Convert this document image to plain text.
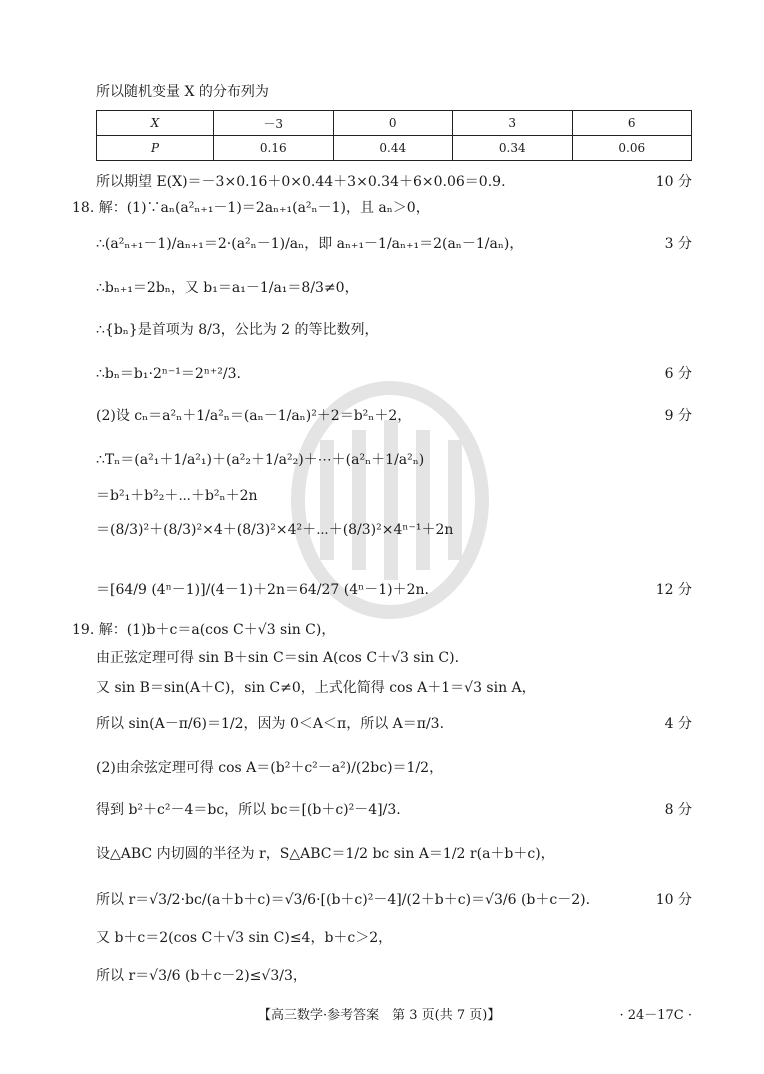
所以随机变量 X 的分布列为
X	－3	0	3	6
P	0.16	0.44	0.34	0.06
所以期望 E(X)＝－3×0.16＋0×0.44＋3×0.34＋6×0.06＝0.9.	10 分
18. 解：(1)∵aₙ(a²ₙ₊₁－1)＝2aₙ₊₁(a²ₙ－1)，且 aₙ＞0，
∴(a²ₙ₊₁－1)/aₙ₊₁＝2·(a²ₙ－1)/aₙ，即 aₙ₊₁－1/aₙ₊₁＝2(aₙ－1/aₙ)，	3 分
∴bₙ₊₁＝2bₙ，又 b₁＝a₁－1/a₁＝8/3≠0，
∴{bₙ}是首项为 8/3，公比为 2 的等比数列，
∴bₙ＝b₁·2ⁿ⁻¹＝2ⁿ⁺²/3.	6 分
(2)设 cₙ＝a²ₙ＋1/a²ₙ＝(aₙ－1/aₙ)²＋2＝b²ₙ＋2，	9 分
∴Tₙ＝(a²₁＋1/a²₁)＋(a²₂＋1/a²₂)＋⋯＋(a²ₙ＋1/a²ₙ)
＝b²₁＋b²₂＋⋯＋b²ₙ＋2n
＝(8/3)²＋(8/3)²×4＋(8/3)²×4²＋⋯＋(8/3)²×4ⁿ⁻¹＋2n
＝[64/9 (4ⁿ－1)]/(4－1)＋2n＝64/27 (4ⁿ－1)＋2n.	12 分
19. 解：(1)b＋c＝a(cos C＋√3 sin C)，
由正弦定理可得 sin B＋sin C＝sin A(cos C＋√3 sin C).
又 sin B＝sin(A＋C)，sin C≠0，上式化简得 cos A＋1＝√3 sin A，
所以 sin(A－π/6)＝1/2，因为 0＜A＜π，所以 A＝π/3.	4 分
(2)由余弦定理可得 cos A＝(b²＋c²－a²)/(2bc)＝1/2，
得到 b²＋c²－4＝bc，所以 bc＝[(b＋c)²－4]/3.	8 分
设△ABC 内切圆的半径为 r，S△ABC＝1/2 bc sin A＝1/2 r(a＋b＋c)，
所以 r＝√3/2·bc/(a＋b＋c)＝√3/6·[(b＋c)²－4]/(2＋b＋c)＝√3/6 (b＋c－2).	10 分
又 b＋c＝2(cos C＋√3 sin C)≤4，b＋c＞2，
所以 r＝√3/6 (b＋c－2)≤√3/3，
【高三数学·参考答案　第 3 页(共 7 页)】	· 24－17C ·
